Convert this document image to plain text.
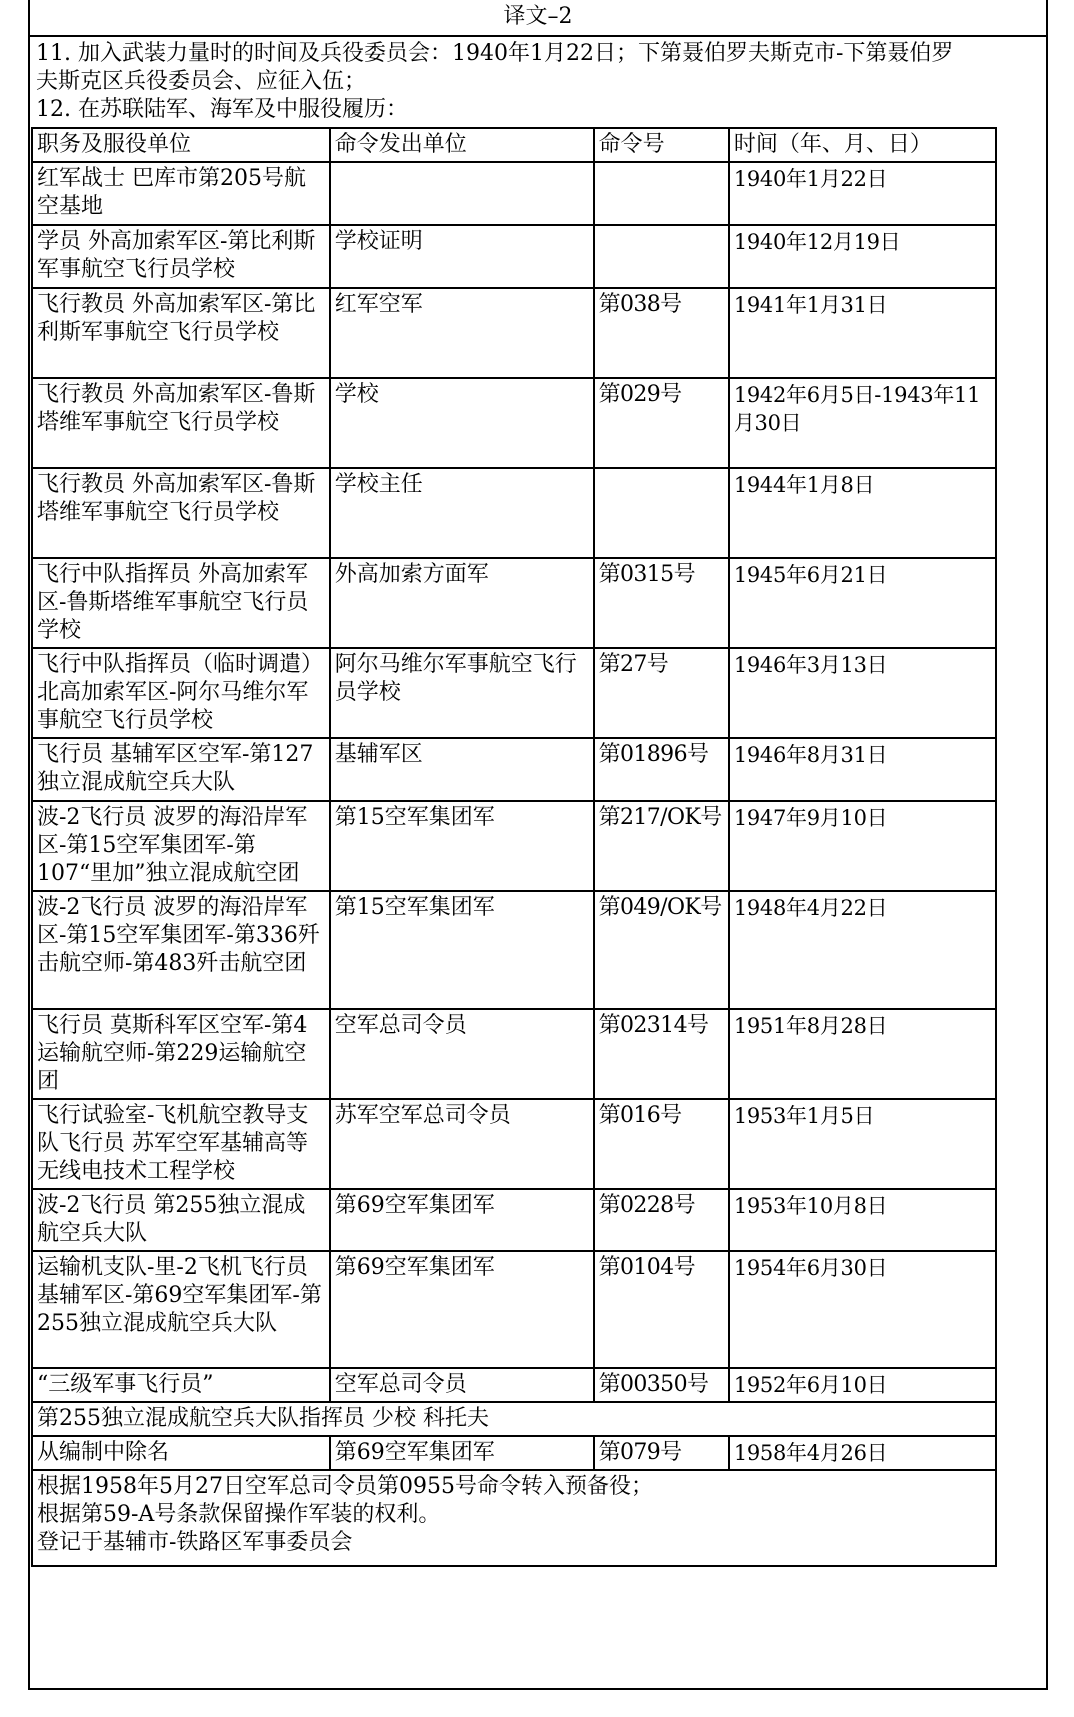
译文–2
11. 加入武装力量时的时间及兵役委员会：1940年1月22日；下第聂伯罗夫斯克市-下第聂伯罗
夫斯克区兵役委员会、应征入伍；
12. 在苏联陆军、海军及中服役履历：
职务及服役单位	命令发出单位	命令号	时间（年、月、日）
红军战士 巴库市第205号航空基地			1940年1月22日
学员 外高加索军区-第比利斯军事航空飞行员学校	学校证明		1940年12月19日
飞行教员 外高加索军区-第比利斯军事航空飞行员学校	红军空军	第038号	1941年1月31日
飞行教员 外高加索军区-鲁斯塔维军事航空飞行员学校	学校	第029号	1942年6月5日-1943年11月30日
飞行教员 外高加索军区-鲁斯塔维军事航空飞行员学校	学校主任		1944年1月8日
飞行中队指挥员 外高加索军区-鲁斯塔维军事航空飞行员学校	外高加索方面军	第0315号	1945年6月21日
飞行中队指挥员（临时调遣） 北高加索军区-阿尔马维尔军事航空飞行员学校	阿尔马维尔军事航空飞行员学校	第27号	1946年3月13日
飞行员 基辅军区空军-第127独立混成航空兵大队	基辅军区	第01896号	1946年8月31日
波-2飞行员 波罗的海沿岸军区-第15空军集团军-第107“里加”独立混成航空团	第15空军集团军	第217/OK号	1947年9月10日
波-2飞行员 波罗的海沿岸军区-第15空军集团军-第336歼击航空师-第483歼击航空团	第15空军集团军	第049/OK号	1948年4月22日
飞行员 莫斯科军区空军-第4运输航空师-第229运输航空团	空军总司令员	第02314号	1951年8月28日
飞行试验室-飞机航空教导支队飞行员 苏军空军基辅高等无线电技术工程学校	苏军空军总司令员	第016号	1953年1月5日
波-2飞行员 第255独立混成航空兵大队	第69空军集团军	第0228号	1953年10月8日
运输机支队-里-2飞机飞行员 基辅军区-第69空军集团军-第255独立混成航空兵大队	第69空军集团军	第0104号	1954年6月30日
“三级军事飞行员”	空军总司令员	第00350号	1952年6月10日
第255独立混成航空兵大队指挥员 少校 科托夫			
从编制中除名	第69空军集团军	第079号	1958年4月26日

根据1958年5月27日空军总司令员第0955号命令转入预备役；
根据第59-A号条款保留操作军装的权利。
登记于基辅市-铁路区军事委员会			
